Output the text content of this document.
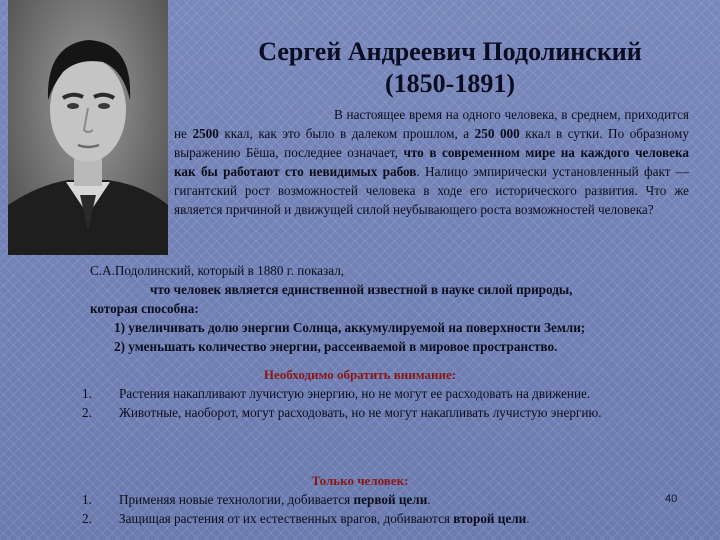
Сергей Андреевич Подолинский
(1850-1891)
В настоящее время на одного человека, в среднем, приходится не 2500 ккал, как это было в далеком прошлом, а 250 000 ккал в сутки. По образному выражению Бёша, последнее означает, что в современном мире на каждого человека как бы работают сто невидимых рабов. Налицо эмпирически установленный факт — гигантский рост возможностей человека в ходе его исторического развития. Что же является причиной и движущей силой неубывающего роста возможностей человека?
С.А.Подолинский, который в 1880 г. показал,
что человек является единственной известной в науке силой природы,
которая способна:
1) увеличивать долю энергии Солнца, аккумулируемой на поверхности Земли;
2) уменьшать количество энергии, рассеиваемой в мировое пространство.
Необходимо обратить внимание:
1.	Растения накапливают лучистую энергию, но не могут ее расходовать на движение.
2.	Животные, наоборот, могут расходовать, но не могут накапливать лучистую энергию.
Только человек:
1.	Применяя новые технологии, добивается первой цели.
2.	Защищая растения от их естественных врагов, добиваются второй цели.
40
